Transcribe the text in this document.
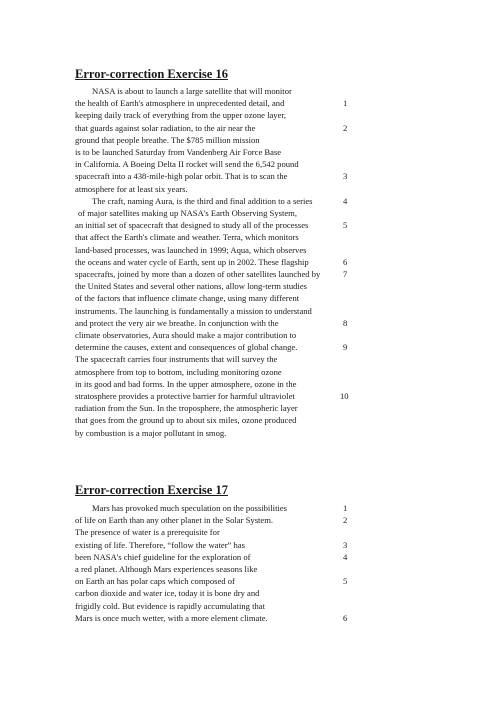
Error-correction Exercise 16
NASA is about to launch a large satellite that will monitor
the health of Earth's atmosphere in unprecedented detail, and	1
keeping daily track of everything from the upper ozone layer,
that guards against solar radiation, to the air near the	2
ground that people breathe. The $785 million mission
is to be launched Saturday from Vandenberg Air Force Base
in California. A Boeing Delta II rocket will send the 6,542 pound
spacecraft into a 438-mile-high polar orbit. That is to scan the	3
atmosphere for at least six years.
The craft, naming Aura, is the third and final addition to a series	4
of major satellites making up NASA's Earth Observing System,
an initial set of spacecraft that designed to study all of the processes	5
that affect the Earth's climate and weather. Terra, which monitors
land-based processes, was launched in 1999; Aqua, which observes
the oceans and water cycle of Earth, sent up in 2002. These flagship	6
spacecrafts, joined by more than a dozen of other satellites launched by	7
the United States and several other nations, allow long-term studies
of the factors that influence climate change, using many different
instruments. The launching is fundamentally a mission to understand
and protect the very air we breathe. In conjunction with the	8
climate observatories, Aura should make a major contribution to
determine the causes, extent and consequences of global change.	9
The spacecraft carries four instruments that will survey the
atmosphere from top to bottom, including monitoring ozone
in its good and bad forms. In the upper atmosphere, ozone in the
stratosphere provides a protective barrier for harmful ultraviolet	10
radiation from the Sun. In the troposphere, the atmospheric layer
that goes from the ground up to about six miles, ozone produced
by combustion is a major pollutant in smog.
Error-correction Exercise 17
Mars has provoked much speculation on the possibilities	1
of life on Earth than any other planet in the Solar System.	2
The presence of water is a prerequisite for
existing of life. Therefore, “follow the water” has	3
been NASA's chief guideline for the exploration of	4
a red planet. Although Mars experiences seasons like
on Earth an has polar caps which composed of	5
carbon dioxide and water ice, today it is bone dry and
frigidly cold. But evidence is rapidly accumulating that
Mars is once much wetter, with a more element climate.	6
